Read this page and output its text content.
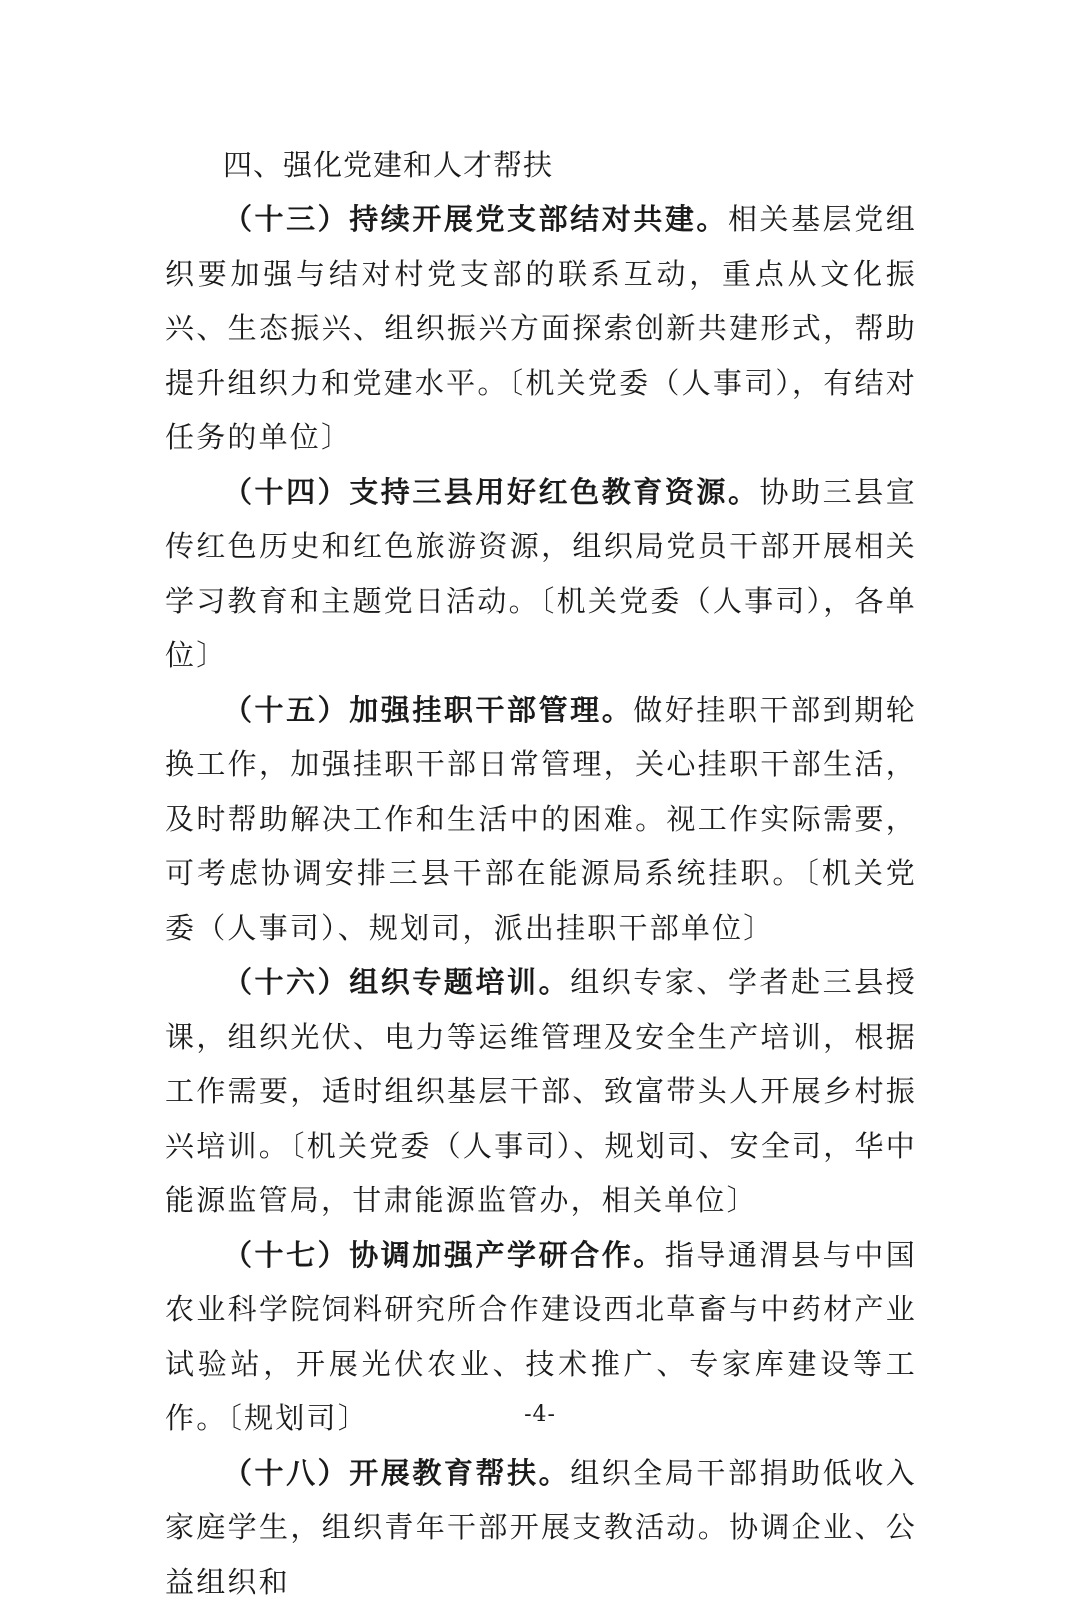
四、强化党建和人才帮扶

（十三）持续开展党支部结对共建。相关基层党组织要加强与结对村党支部的联系互动，重点从文化振兴、生态振兴、组织振兴方面探索创新共建形式，帮助提升组织力和党建水平。〔机关党委（人事司），有结对任务的单位〕

（十四）支持三县用好红色教育资源。协助三县宣传红色历史和红色旅游资源，组织局党员干部开展相关学习教育和主题党日活动。〔机关党委（人事司），各单位〕

（十五）加强挂职干部管理。做好挂职干部到期轮换工作，加强挂职干部日常管理，关心挂职干部生活，及时帮助解决工作和生活中的困难。视工作实际需要，可考虑协调安排三县干部在能源局系统挂职。〔机关党委（人事司）、规划司，派出挂职干部单位〕

（十六）组织专题培训。组织专家、学者赴三县授课，组织光伏、电力等运维管理及安全生产培训，根据工作需要，适时组织基层干部、致富带头人开展乡村振兴培训。〔机关党委（人事司）、规划司、安全司，华中能源监管局，甘肃能源监管办，相关单位〕

（十七）协调加强产学研合作。指导通渭县与中国农业科学院饲料研究所合作建设西北草畜与中药材产业试验站，开展光伏农业、技术推广、专家库建设等工作。〔规划司〕

（十八）开展教育帮扶。组织全局干部捐助低收入家庭学生，组织青年干部开展支教活动。协调企业、公益组织和

-4-
